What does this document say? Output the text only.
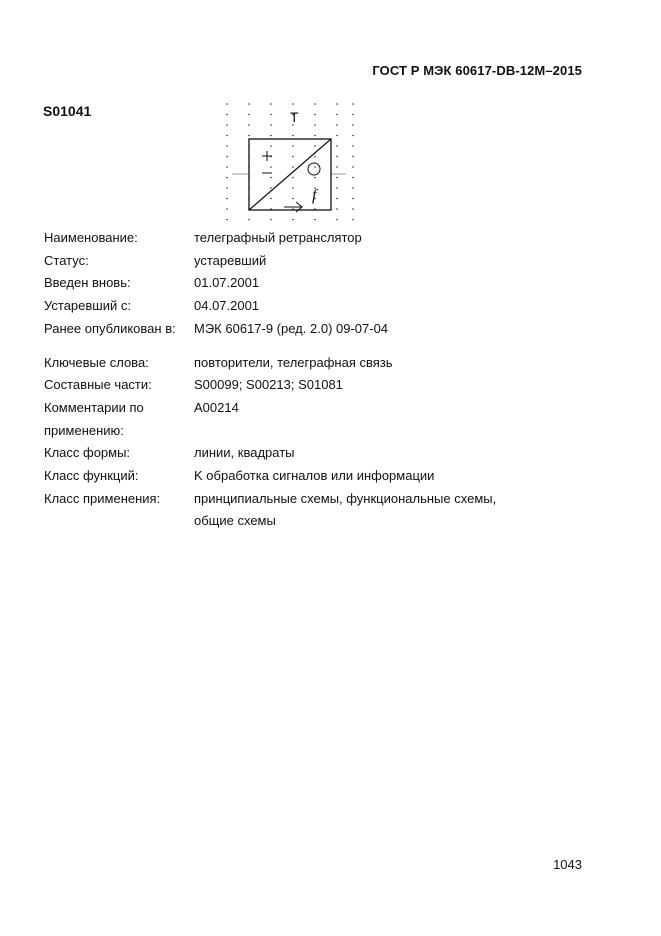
ГОСТ Р МЭК 60617-DB-12M–2015
S01041	T
f
Наименование:	телеграфный ретранслятор
Статус:	устаревший
Введен вновь:	01.07.2001
Устаревший с:	04.07.2001
Ранее опубликован в:	МЭК 60617-9 (ред. 2.0) 09-07-04
Ключевые слова:	повторители, телеграфная связь
Составные части:	S00099; S00213; S01081
Комментарии по	A00214
применению:
Класс формы:	линии, квадраты
Класс функций:	K обработка сигналов или информации
Класс применения:	принципиальные схемы, функциональные схемы,
общие схемы
1043
